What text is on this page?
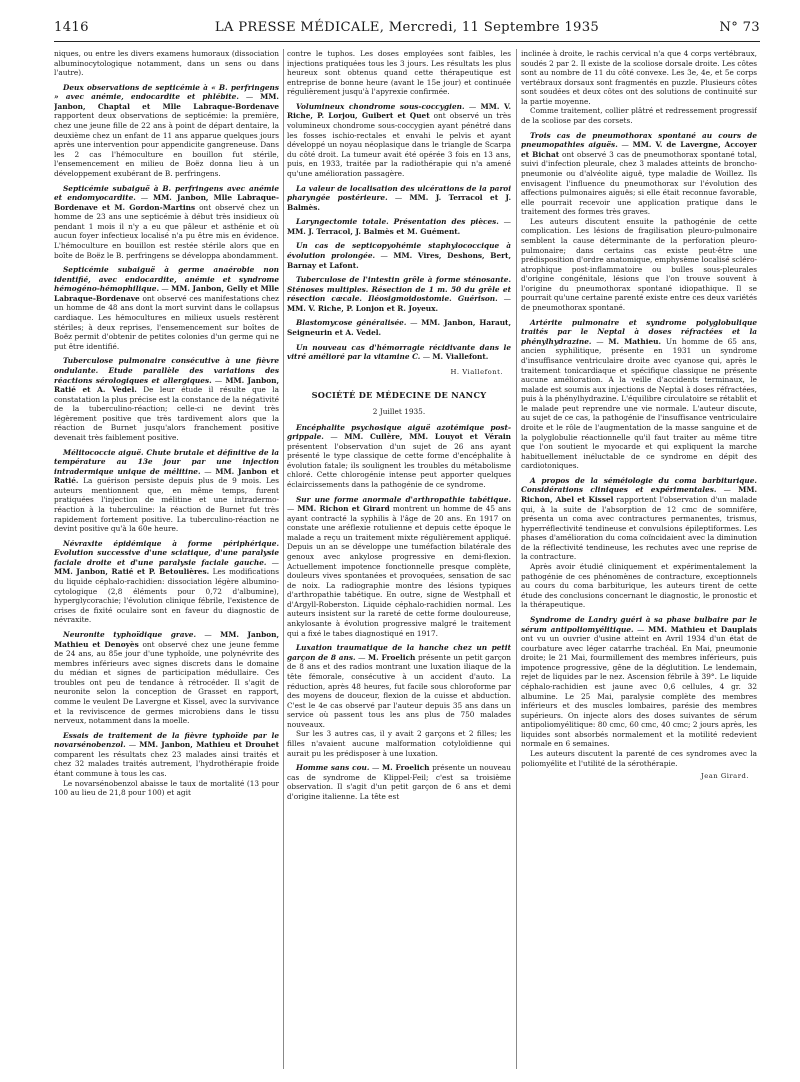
1416	LA PRESSE MÉDICALE, Mercredi, 11 Septembre 1935	N° 73

niques, ou entre les divers examens humoraux (dissociation albuminocytologique notamment, dans un sens ou dans l'autre).

Deux observations de septicémie à « B. perfringens » avec anémie, endocardite et phlébite. — MM. Janbon, Chaptal et Mlle Labraque-Bordenave rapportent deux observations de septicémie: la première, chez une jeune fille de 22 ans à point de départ dentaire, la deuxième chez un enfant de 11 ans apparue quelques jours après une intervention pour appendicite gangreneuse. Dans les 2 cas l'hémoculture en bouillon fut stérile, l'ensemencement en milieu de Boëz donna lieu à un développement exubérant de B. perfringens.

Septicémie subaiguë à B. perfringens avec anémie et endomyocardite. — MM. Janbon, Mlle Labraque-Bordenave et M. Gordon-Martins ont observé chez un homme de 23 ans une septicémie à début très insidieux où pendant 1 mois il n'y a eu que pâleur et asthénie et où aucun foyer infectieux localisé n'a pu être mis en évidence. L'hémoculture en bouillon est restée stérile alors que en boîte de Boëz le B. perfringens se développa abondamment.

Septicémie subaiguë à germe anaérobie non identifié, avec endocardite, anémie et syndrome hémogéno-hémophilique. — MM. Janbon, Gelly et Mlle Labraque-Bordenave ont observé ces manifestations chez un homme de 48 ans dont la mort survint dans le collapsus cardiaque. Les hémocultures en milieux usuels restèrent stériles; à deux reprises, l'ensemencement sur boîtes de Boëz permit d'obtenir de petites colonies d'un germe qui ne put être identifié.

Tuberculose pulmonaire consécutive à une fièvre ondulante. Etude parallèle des variations des réactions sérologiques et allergiques. — MM. Janbon, Ratié et A. Vedel. De leur étude il résulte que la constatation la plus précise est la constance de la négativité de la tuberculino-réaction; celle-ci ne devint très légèrement positive que très tardivement alors que la réaction de Burnet jusqu'alors franchement positive devenait très faiblement positive.

Mélitococcie aiguë. Chute brutale et définitive de la température au 13e jour par une injection intradermique unique de mélitine. — MM. Janbon et Ratié. La guérison persiste depuis plus de 9 mois. Les auteurs mentionnent que, en même temps, furent pratiquées l'injection de mélitine et une intradermo-réaction à la tuberculine: la réaction de Burnet fut très rapidement fortement positive. La tuberculino-réaction ne devint positive qu'à la 60e heure.

Névraxite épidémique à forme périphérique. Evolution successive d'une sciatique, d'une paralysie faciale droite et d'une paralysie faciale gauche. — MM. Janbon, Ratié et P. Betoulières. Les modifications du liquide céphalo-rachidien: dissociation légère albumino-cytologique (2,8 éléments pour 0,72 d'albumine), hyperglycorachie; l'évolution clinique fébrile, l'existence de crises de fixité oculaire sont en faveur du diagnostic de névraxite.

Neuronite typhoïdique grave. — MM. Janbon, Mathieu et Denoyès ont observé chez une jeune femme de 24 ans, au 85e jour d'une typhoïde, une polynévrite des membres inférieurs avec signes discrets dans le domaine du médian et signes de participation médullaire. Ces troubles ont peu de tendance à rétrocéder. Il s'agit de neuronite selon la conception de Grasset en rapport, comme le veulent De Lavergne et Kissel, avec la survivance et la reviviscence de germes microbiens dans le tissu nerveux, notamment dans la moelle.

Essais de traitement de la fièvre typhoïde par le novarsénobenzol. — MM. Janbon, Mathieu et Drouhet comparent les résultats chez 23 malades ainsi traités et chez 32 malades traités autrement, l'hydrothérapie froide étant commune à tous les cas.

Le novarsénobenzol abaisse le taux de mortalité (13 pour 100 au lieu de 21,8 pour 100) et agit

contre le tuphos. Les doses employées sont faibles, les injections pratiquées tous les 3 jours. Les résultats les plus heureux sont obtenus quand cette thérapeutique est entreprise de bonne heure (avant le 15e jour) et continuée régulièrement jusqu'à l'apyrexie confirmée.

Volumineux chondrome sous-coccygien. — MM. V. Riche, P. Lorjou, Guibert et Quet ont observé un très volumineux chondrome sous-coccygien ayant pénétré dans les fosses ischio-rectales et envahi le pelvis et ayant développé un noyau néoplasique dans le triangle de Scarpa du côté droit. La tumeur avait été opérée 3 fois en 13 ans, puis, en 1933, traitée par la radiothérapie qui n'a amené qu'une amélioration passagère.

La valeur de localisation des ulcérations de la paroi pharyngée postérieure. — MM. J. Terracol et J. Balmès.

Laryngectomie totale. Présentation des pièces. — MM. J. Terracol, J. Balmès et M. Guément.

Un cas de septicopyohémie staphylococcique à évolution prolongée. — MM. Vires, Deshons, Bert, Barnay et Lafont.

Tuberculose de l'intestin grêle à forme sténosante. Sténoses multiples. Résection de 1 m. 50 du grêle et résection cæcale. Iléosigmoidostomie. Guérison. — MM. V. Riche, P. Lonjon et R. Joyeux.

Blastomycose généralisée. — MM. Janbon, Haraut, Seigneurin et A. Vedel.

Un nouveau cas d'hémorragie récidivante dans le vitré amélioré par la vitamine C. — M. Viallefont.

H. Viallefont.

SOCIÉTÉ DE MÉDECINE DE NANCY

2 Juillet 1935.

Encéphalite psychosique aiguë azotémique post-grippale. — MM. Cullère, MM. Louyot et Vérain présentent l'observation d'un sujet de 26 ans ayant présenté le type classique de cette forme d'encéphalite à évolution fatale; ils soulignent les troubles du métabolisme chloré. Cette chlorogénie intense peut apporter quelques éclaircissements dans la pathogénie de ce syndrome.

Sur une forme anormale d'arthropathie tabétique. — MM. Richon et Girard montrent un homme de 45 ans ayant contracté la syphilis à l'âge de 20 ans. En 1917 on constate une aréflexie rotulienne et depuis cette époque le malade a reçu un traitement mixte régulièrement appliqué. Depuis un an se développe une tuméfaction bilatérale des genoux avec ankylose progressive en demi-flexion. Actuellement impotence fonctionnelle presque complète, douleurs vives spontanées et provoquées, sensation de sac de noix. La radiographie montre des lésions typiques d'arthropathie tabétique. En outre, signe de Westphall et d'Argyll-Roberston. Liquide céphalo-rachidien normal. Les auteurs insistent sur la rareté de cette forme douloureuse, ankylosante à évolution progressive malgré le traitement qui a fixé le tabes diagnostiqué en 1917.

Luxation traumatique de la hanche chez un petit garçon de 8 ans. — M. Froelich présente un petit garçon de 8 ans et des radios montrant une luxation iliaque de la tête fémorale, consécutive à un accident d'auto. La réduction, après 48 heures, fut facile sous chloroforme par des moyens de douceur, flexion de la cuisse et abduction. C'est le 4e cas observé par l'auteur depuis 35 ans dans un service où passent tous les ans plus de 750 malades nouveaux.

Sur les 3 autres cas, il y avait 2 garçons et 2 filles; les filles n'avaient aucune malformation cotyloïdienne qui aurait pu les prédisposer à une luxation.

Homme sans cou. — M. Froelich présente un nouveau cas de syndrome de Klippel-Feil; c'est sa troisième observation. Il s'agit d'un petit garçon de 6 ans et demi d'origine italienne. La tête est

inclinée à droite, le rachis cervical n'a que 4 corps vertébraux, soudés 2 par 2. Il existe de la scoliose dorsale droite. Les côtes sont au nombre de 11 du côté convexe. Les 3e, 4e, et 5e corps vertébraux dorsaux sont fragmentés en puzzle. Plusieurs côtes sont soudées et deux côtes ont des solutions de continuité sur la partie moyenne.

Comme traitement, collier plâtré et redressement progressif de la scoliose par des corsets.

Trois cas de pneumothorax spontané au cours de pneumopathies aiguës. — MM. V. de Lavergne, Accoyer et Bichat ont observé 3 cas de pneumothorax spontané total, suivi d'infection pleurale, chez 3 malades atteints de broncho-pneumonie ou d'alvéolite aiguë, type maladie de Woillez. Ils envisagent l'influence du pneumothorax sur l'évolution des affections pulmonaires aiguës; si elle était reconnue favorable, elle pourrait recevoir une application pratique dans le traitement des formes très graves.

Les auteurs discutent ensuite la pathogénie de cette complication. Les lésions de fragilisation pleuro-pulmonaire semblent la cause déterminante de la perforation pleuro-pulmonaire; dans certains cas existe peut-être une prédisposition d'ordre anatomique, emphysème localisé scléro-atrophique post-inflammatoire ou bulles sous-pleurales d'origine congénitale, lésions que l'on trouve souvent à l'origine du pneumothorax spontané idiopathique. Il se pourrait qu'une certaine parenté existe entre ces deux variétés de pneumothorax spontané.

Artérite pulmonaire et syndrome polyglobulique traités par le Neptal à doses réfractées et la phénylhydrazine. — M. Mathieu. Un homme de 65 ans, ancien syphilitique, présente en 1931 un syndrome d'insuffisance ventriculaire droite avec cyanose qui, après le traitement tonicardiaque et spécifique classique ne présente aucune amélioration. A la veille d'accidents terminaux, le malade est soumis aux injections de Neptal à doses réfractées, puis à la phénylhydrazine. L'équilibre circulatoire se rétablit et le malade peut reprendre une vie normale. L'auteur discute, au sujet de ce cas, la pathogénie de l'insuffisance ventriculaire droite et le rôle de l'augmentation de la masse sanguine et de la polyglobulie réactionnelle qu'il faut traiter au même titre que l'on soutient le myocarde et qui expliquent la marche habituellement inéluctable de ce syndrome en dépit des cardiotoniques.

A propos de la séméiologie du coma barbiturique. Considérations cliniques et expérimentales. — MM. Richon, Abel et Kissel rapportent l'observation d'un malade qui, à la suite de l'absorption de 12 cmc de somnifère, présenta un coma avec contractures permanentes, trismus, hyperréflectivité tendineuse et convulsions épileptiformes. Les phases d'amélioration du coma coïncidaient avec la diminution de la réflectivité tendineuse, les rechutes avec une reprise de la contracture.

Après avoir étudié cliniquement et expérimentalement la pathogénie de ces phénomènes de contracture, exceptionnels au cours du coma barbiturique, les auteurs tirent de cette étude des conclusions concernant le diagnostic, le pronostic et la thérapeutique.

Syndrome de Landry guéri à sa phase bulbaire par le sérum antipoliomyélitique. — MM. Mathieu et Dauplais ont vu un ouvrier d'usine atteint en Avril 1934 d'un état de courbature avec léger catarrhe trachéal. En Mai, pneumonie droite; le 21 Mai, fourmillement des membres inférieurs, puis impotence progressive, gêne de la déglutition. Le lendemain, rejet de liquides par le nez. Ascension fébrile à 39°. Le liquide céphalo-rachidien est jaune avec 0,6 cellules, 4 gr. 32 albumine. Le 25 Mai, paralysie complète des membres inférieurs et des muscles lombaires, parésie des membres supérieurs. On injecte alors des doses suivantes de sérum antipoliomyélitique: 80 cmc, 60 cmc, 40 cmc; 2 jours après, les liquides sont absorbés normalement et la motilité redevient normale en 6 semaines.

Les auteurs discutent la parenté de ces syndromes avec la poliomyélite et l'utilité de la sérothérapie.

Jean Girard.
